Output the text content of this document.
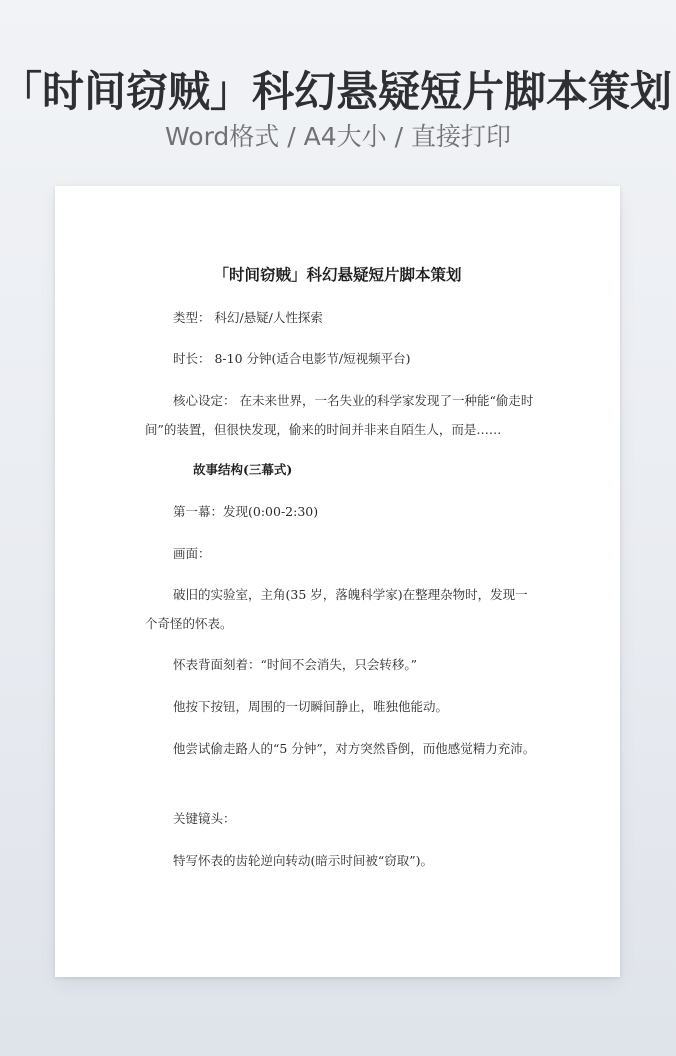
「时间窃贼」科幻悬疑短片脚本策划
Word格式 / A4大小 / 直接打印
「时间窃贼」科幻悬疑短片脚本策划
类型： 科幻/悬疑/人性探索
时长： 8-10 分钟(适合电影节/短视频平台)
核心设定： 在未来世界，一名失业的科学家发现了一种能“偷走时间”的装置，但很快发现，偷来的时间并非来自陌生人，而是……
故事结构(三幕式)
第一幕：发现(0:00-2:30)
画面：
破旧的实验室，主角(35 岁，落魄科学家)在整理杂物时，发现一个奇怪的怀表。
怀表背面刻着：“时间不会消失，只会转移。”
他按下按钮，周围的一切瞬间静止，唯独他能动。
他尝试偷走路人的“5 分钟”，对方突然昏倒，而他感觉精力充沛。
关键镜头：
特写怀表的齿轮逆向转动(暗示时间被“窃取”)。
